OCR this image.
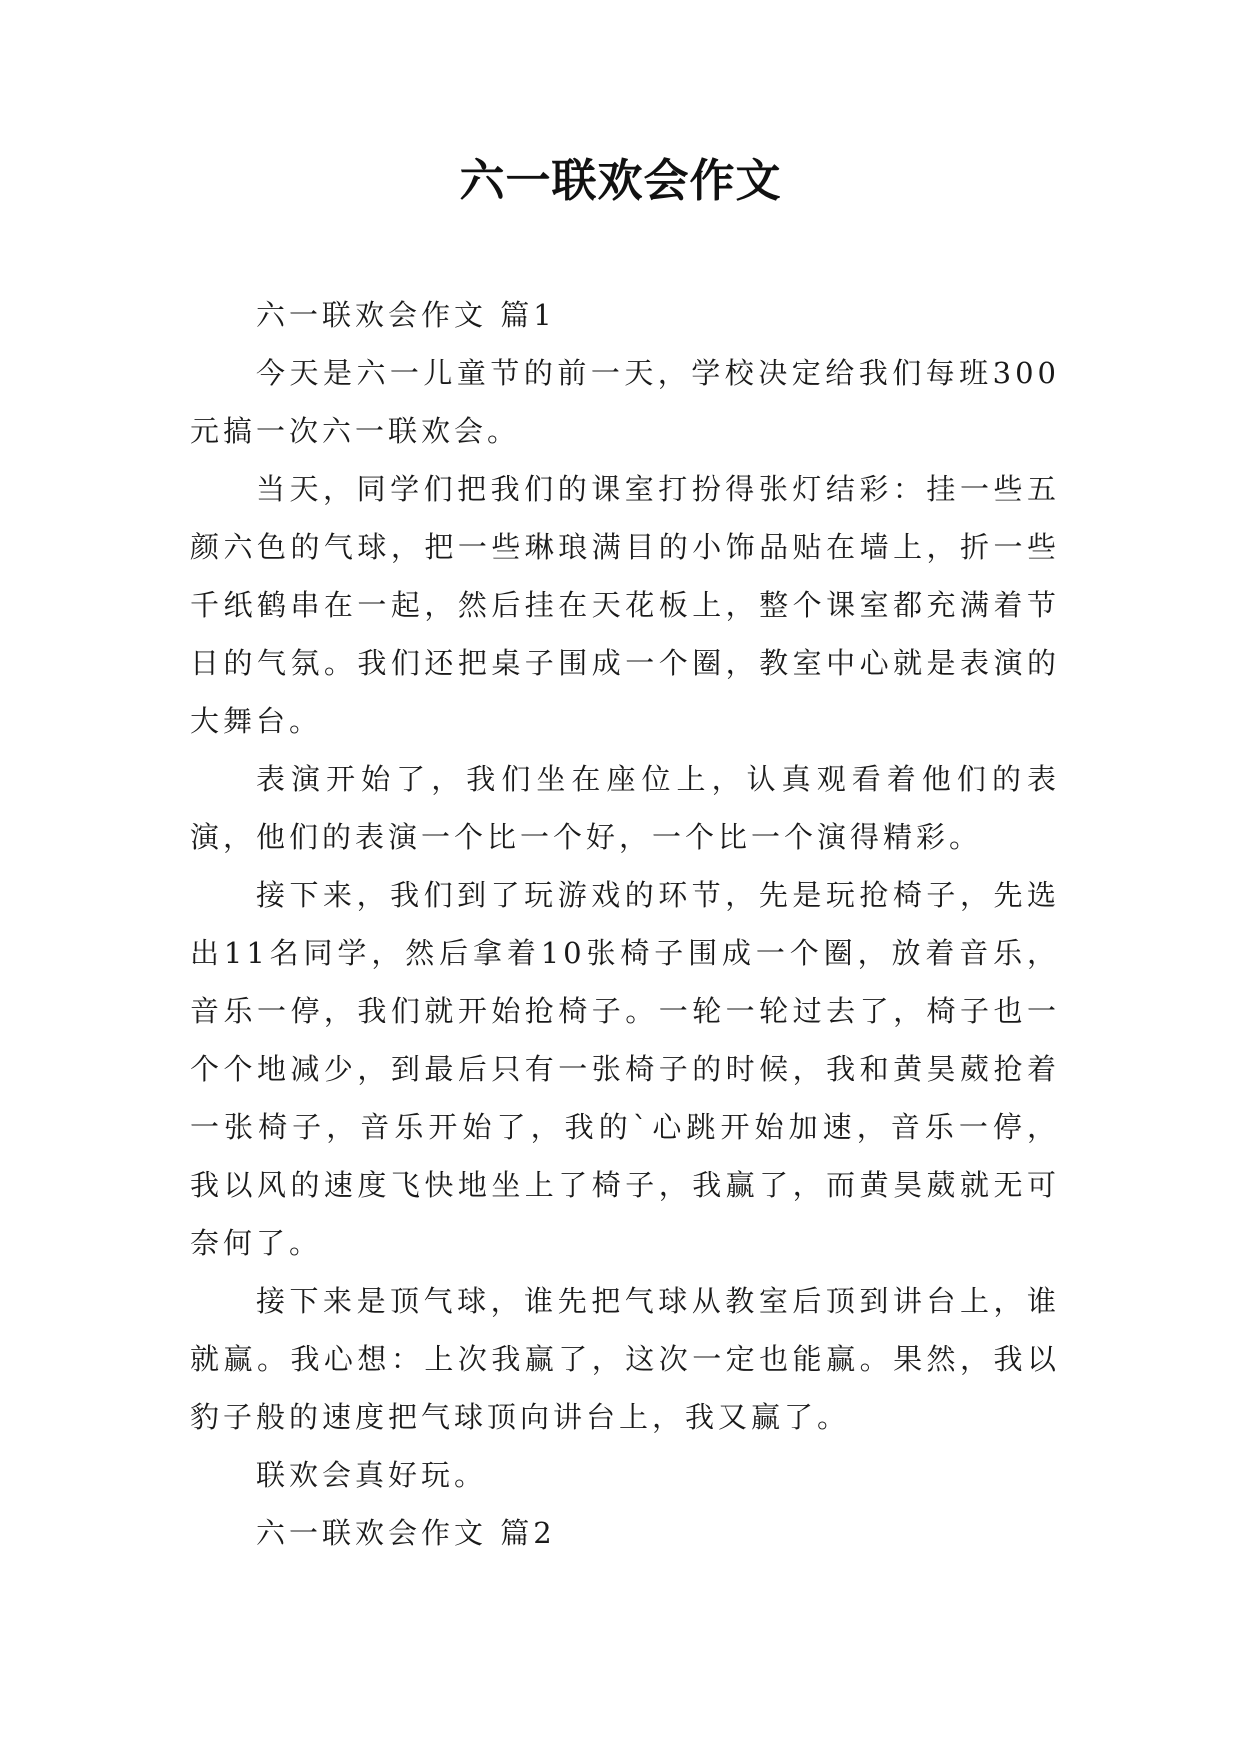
六一联欢会作文

六一联欢会作文 篇1

今天是六一儿童节的前一天，学校决定给我们每班300元搞一次六一联欢会。

当天，同学们把我们的课室打扮得张灯结彩：挂一些五颜六色的气球，把一些琳琅满目的小饰品贴在墙上，折一些千纸鹤串在一起，然后挂在天花板上，整个课室都充满着节日的气氛。我们还把桌子围成一个圈，教室中心就是表演的大舞台。

表演开始了，我们坐在座位上，认真观看着他们的表演，他们的表演一个比一个好，一个比一个演得精彩。

接下来，我们到了玩游戏的环节，先是玩抢椅子，先选出11名同学，然后拿着10张椅子围成一个圈，放着音乐，音乐一停，我们就开始抢椅子。一轮一轮过去了，椅子也一个个地减少，到最后只有一张椅子的时候，我和黄昊葳抢着一张椅子，音乐开始了，我的`心跳开始加速，音乐一停，我以风的速度飞快地坐上了椅子，我赢了，而黄昊葳就无可奈何了。

接下来是顶气球，谁先把气球从教室后顶到讲台上，谁就赢。我心想：上次我赢了，这次一定也能赢。果然，我以豹子般的速度把气球顶向讲台上，我又赢了。

联欢会真好玩。

六一联欢会作文 篇2
